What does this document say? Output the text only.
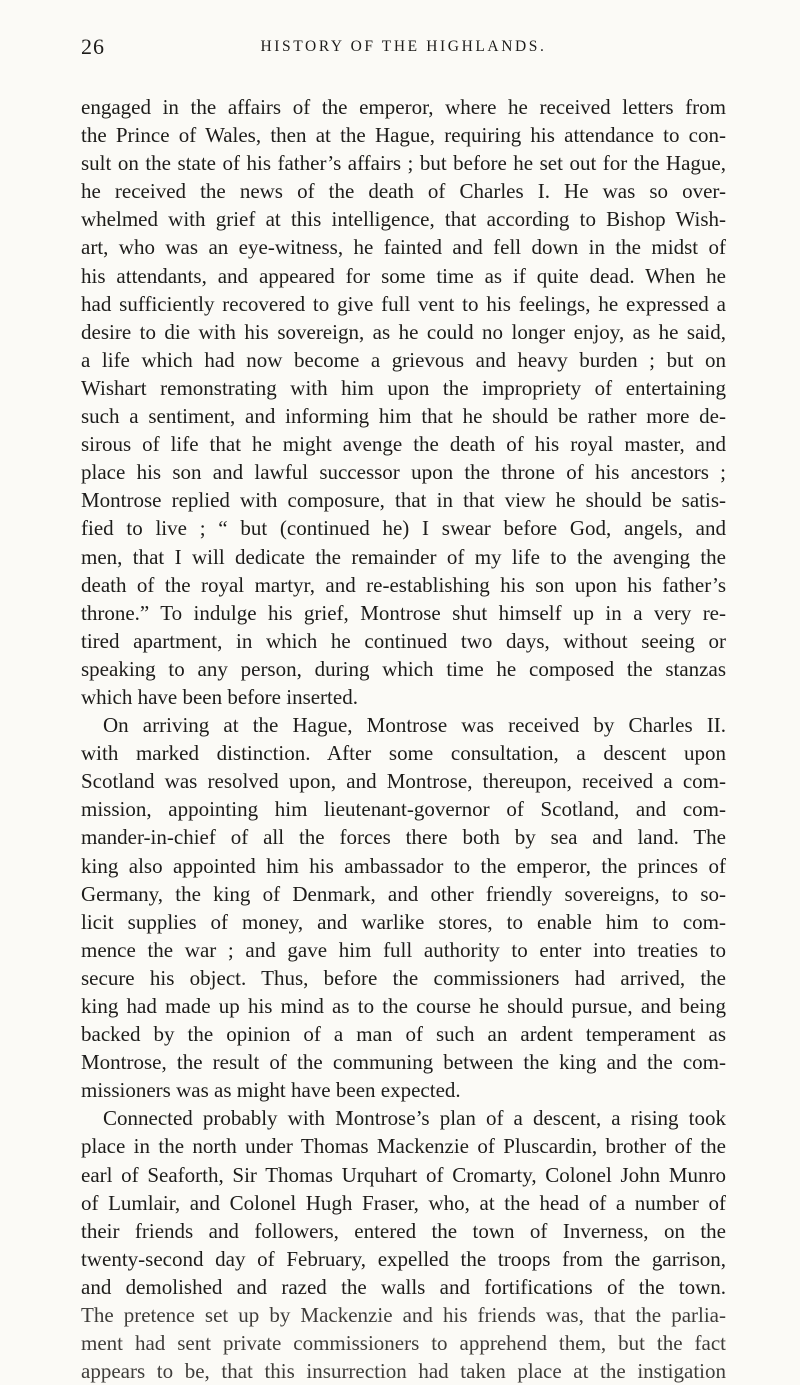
26	HISTORY OF THE HIGHLANDS.
engaged in the affairs of the emperor, where he received letters from
the Prince of Wales, then at the Hague, requiring his attendance to con-
sult on the state of his father’s affairs ; but before he set out for the Hague,
he received the news of the death of Charles I. He was so over-
whelmed with grief at this intelligence, that according to Bishop Wish-
art, who was an eye-witness, he fainted and fell down in the midst of
his attendants, and appeared for some time as if quite dead. When he
had sufficiently recovered to give full vent to his feelings, he expressed a
desire to die with his sovereign, as he could no longer enjoy, as he said,
a life which had now become a grievous and heavy burden ; but on
Wishart remonstrating with him upon the impropriety of entertaining
such a sentiment, and informing him that he should be rather more de-
sirous of life that he might avenge the death of his royal master, and
place his son and lawful successor upon the throne of his ancestors ;
Montrose replied with composure, that in that view he should be satis-
fied to live ; “ but (continued he) I swear before God, angels, and
men, that I will dedicate the remainder of my life to the avenging the
death of the royal martyr, and re-establishing his son upon his father’s
throne.” To indulge his grief, Montrose shut himself up in a very re-
tired apartment, in which he continued two days, without seeing or
speaking to any person, during which time he composed the stanzas
which have been before inserted.
On arriving at the Hague, Montrose was received by Charles II.
with marked distinction. After some consultation, a descent upon
Scotland was resolved upon, and Montrose, thereupon, received a com-
mission, appointing him lieutenant-governor of Scotland, and com-
mander-in-chief of all the forces there both by sea and land. The
king also appointed him his ambassador to the emperor, the princes of
Germany, the king of Denmark, and other friendly sovereigns, to so-
licit supplies of money, and warlike stores, to enable him to com-
mence the war ; and gave him full authority to enter into treaties to
secure his object. Thus, before the commissioners had arrived, the
king had made up his mind as to the course he should pursue, and being
backed by the opinion of a man of such an ardent temperament as
Montrose, the result of the communing between the king and the com-
missioners was as might have been expected.
Connected probably with Montrose’s plan of a descent, a rising took
place in the north under Thomas Mackenzie of Pluscardin, brother of the
earl of Seaforth, Sir Thomas Urquhart of Cromarty, Colonel John Munro
of Lumlair, and Colonel Hugh Fraser, who, at the head of a number of
their friends and followers, entered the town of Inverness, on the
twenty-second day of February, expelled the troops from the garrison,
and demolished and razed the walls and fortifications of the town.
The pretence set up by Mackenzie and his friends was, that the parlia-
ment had sent private commissioners to apprehend them, but the fact
appears to be, that this insurrection had taken place at the instigation
